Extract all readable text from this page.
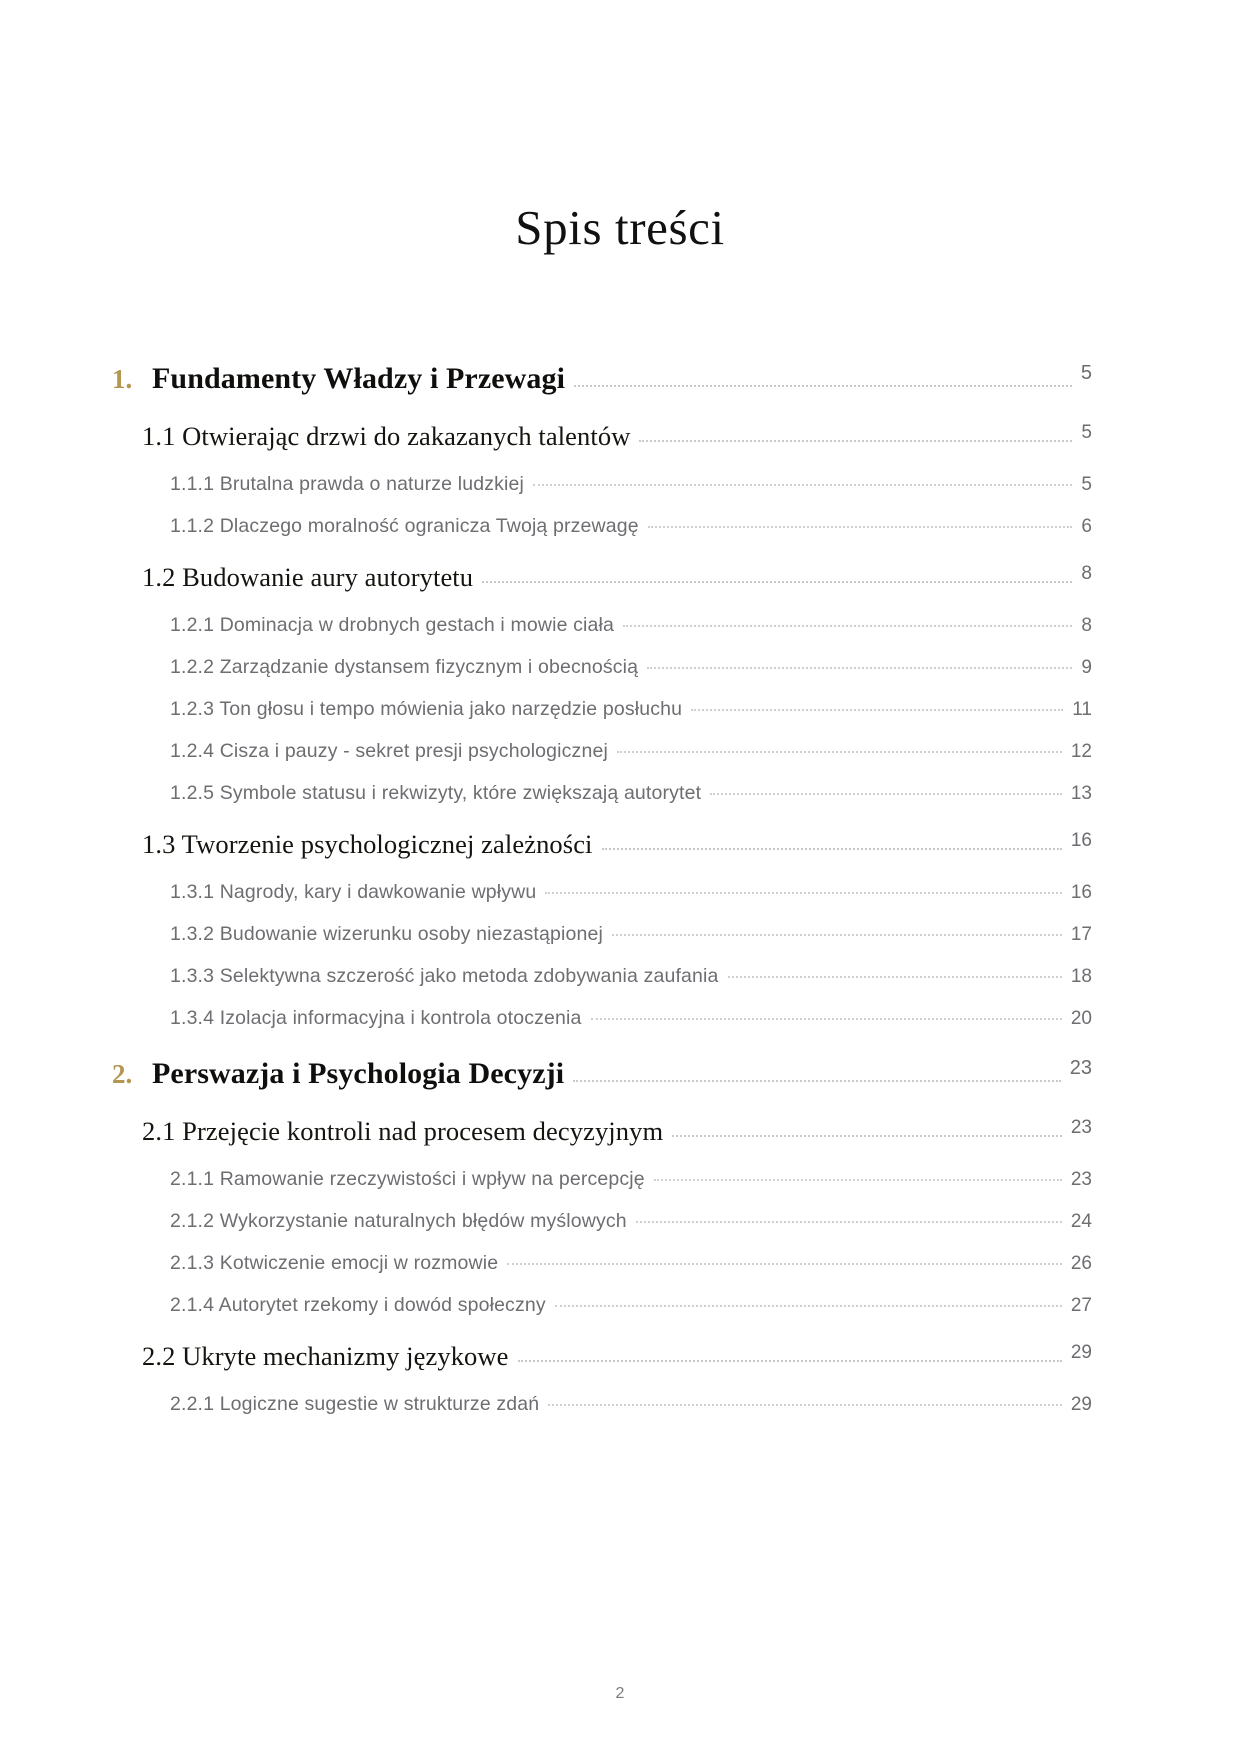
Spis treści
1. Fundamenty Władzy i Przewagi	5
1.1 Otwierając drzwi do zakazanych talentów	5
1.1.1 Brutalna prawda o naturze ludzkiej	5
1.1.2 Dlaczego moralność ogranicza Twoją przewagę	6
1.2 Budowanie aury autorytetu	8
1.2.1 Dominacja w drobnych gestach i mowie ciała	8
1.2.2 Zarządzanie dystansem fizycznym i obecnością	9
1.2.3 Ton głosu i tempo mówienia jako narzędzie posłuchu	11
1.2.4 Cisza i pauzy - sekret presji psychologicznej	12
1.2.5 Symbole statusu i rekwizyty, które zwiększają autorytet	13
1.3 Tworzenie psychologicznej zależności	16
1.3.1 Nagrody, kary i dawkowanie wpływu	16
1.3.2 Budowanie wizerunku osoby niezastąpionej	17
1.3.3 Selektywna szczerość jako metoda zdobywania zaufania	18
1.3.4 Izolacja informacyjna i kontrola otoczenia	20
2. Perswazja i Psychologia Decyzji	23
2.1 Przejęcie kontroli nad procesem decyzyjnym	23
2.1.1 Ramowanie rzeczywistości i wpływ na percepcję	23
2.1.2 Wykorzystanie naturalnych błędów myślowych	24
2.1.3 Kotwiczenie emocji w rozmowie	26
2.1.4 Autorytet rzekomy i dowód społeczny	27
2.2 Ukryte mechanizmy językowe	29
2.2.1 Logiczne sugestie w strukturze zdań	29
2
